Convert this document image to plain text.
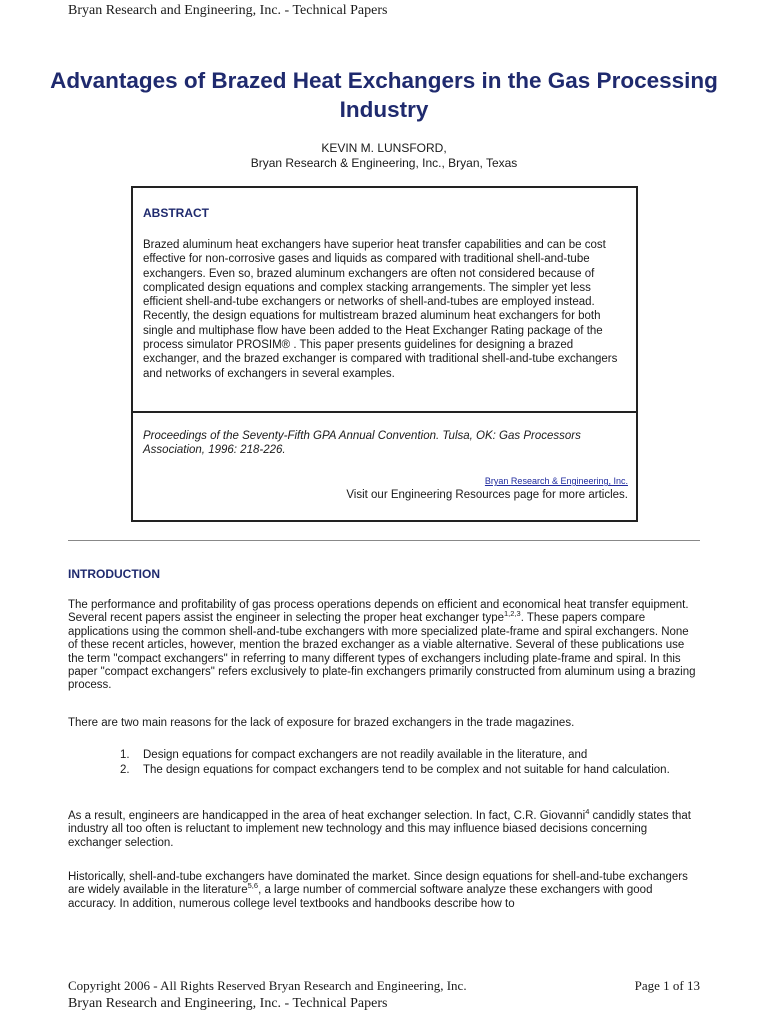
Bryan Research and Engineering, Inc. - Technical Papers
Advantages of Brazed Heat Exchangers in the Gas Processing Industry
KEVIN M. LUNSFORD,
Bryan Research & Engineering, Inc., Bryan, Texas
ABSTRACT
Brazed aluminum heat exchangers have superior heat transfer capabilities and can be cost effective for non-corrosive gases and liquids as compared with traditional shell-and-tube exchangers. Even so, brazed aluminum exchangers are often not considered because of complicated design equations and complex stacking arrangements. The simpler yet less efficient shell-and-tube exchangers or networks of shell-and-tubes are employed instead. Recently, the design equations for multistream brazed aluminum heat exchangers for both single and multiphase flow have been added to the Heat Exchanger Rating package of the process simulator PROSIM® . This paper presents guidelines for designing a brazed exchanger, and the brazed exchanger is compared with traditional shell-and-tube exchangers and networks of exchangers in several examples.
Proceedings of the Seventy-Fifth GPA Annual Convention. Tulsa, OK: Gas Processors Association, 1996: 218-226.
Bryan Research & Engineering, Inc.
Visit our Engineering Resources page for more articles.
INTRODUCTION
The performance and profitability of gas process operations depends on efficient and economical heat transfer equipment. Several recent papers assist the engineer in selecting the proper heat exchanger type$^{1,2,3}$. These papers compare applications using the common shell-and-tube exchangers with more specialized plate-frame and spiral exchangers. None of these recent articles, however, mention the brazed exchanger as a viable alternative. Several of these publications use the term "compact exchangers" in referring to many different types of exchangers including plate-frame and spiral. In this paper "compact exchangers" refers exclusively to plate-fin exchangers primarily constructed from aluminum using a brazing process.
There are two main reasons for the lack of exposure for brazed exchangers in the trade magazines.
1. Design equations for compact exchangers are not readily available in the literature, and
2. The design equations for compact exchangers tend to be complex and not suitable for hand calculation.
As a result, engineers are handicapped in the area of heat exchanger selection. In fact, C.R. Giovanni$^4$ candidly states that industry all too often is reluctant to implement new technology and this may influence biased decisions concerning exchanger selection.
Historically, shell-and-tube exchangers have dominated the market. Since design equations for shell-and-tube exchangers are widely available in the literature$^{5,6}$, a large number of commercial software analyze these exchangers with good accuracy. In addition, numerous college level textbooks and handbooks describe how to
Copyright 2006 - All Rights Reserved Bryan Research and Engineering, Inc.	Page 1 of 13
Bryan Research and Engineering, Inc. - Technical Papers
